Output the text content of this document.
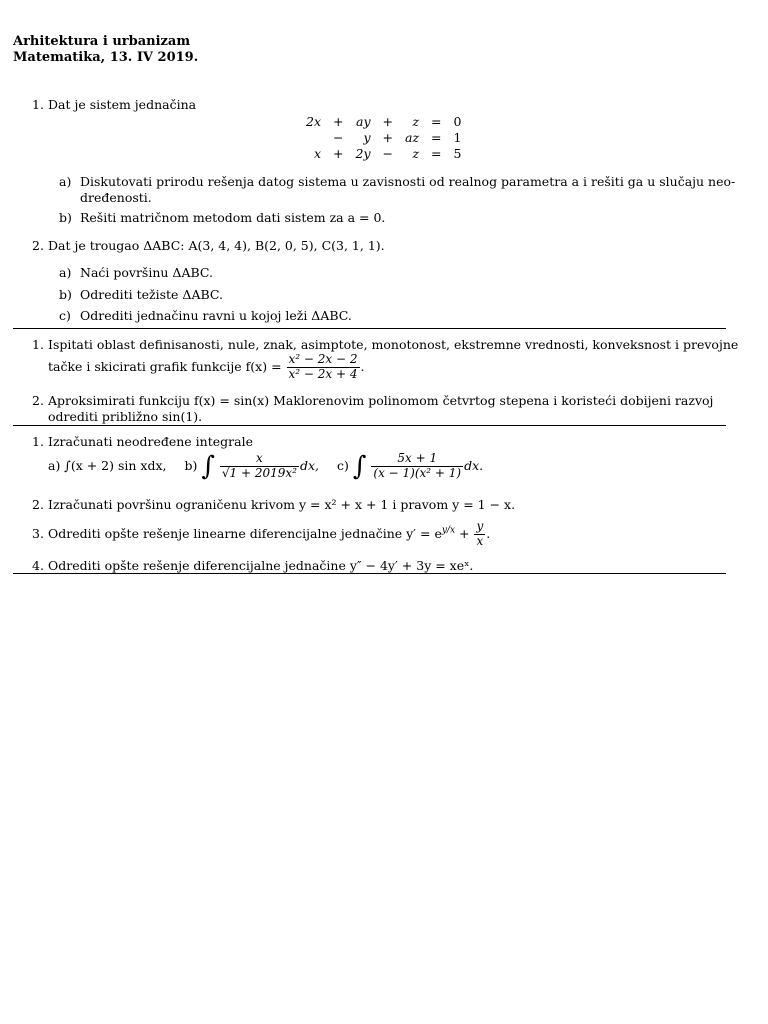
Arhitektura i urbanizam
Matematika, 13. IV 2019.
1. Dat je sistem jednačina
2x	+	ay	+	z	=	0
	−	y	+	az	=	1
x	+	2y	−	z	=	5
a) Diskutovati prirodu rešenja datog sistema u zavisnosti od realnog parametra a i rešiti ga u slučaju neo-
dređenosti.
b) Rešiti matričnom metodom dati sistem za a = 0.
2. Dat je trougao ΔABC: A(3, 4, 4), B(2, 0, 5), C(3, 1, 1).
a) Naći površinu ΔABC.
b) Odrediti težiste ΔABC.
c) Odrediti jednačinu ravni u kojoj leži ΔABC.
1. Ispitati oblast definisanosti, nule, znak, asimptote, monotonost, ekstremne vrednosti, konveksnost i prevojne
tačke i skicirati grafik funkcije $f(x) = \frac{\text{x² − 2x − 2}}{\text{x² − 2x + 4}}$ .
2. Aproksimirati funkciju f(x) = sin(x) Maklorenovim polinomom četvrtog stepena i koristeći dobijeni razvoj
odrediti približno sin(1).
1. Izračunati neodređene integrale
a) ∫(x + 2) sin xdx, b) ∫ $\frac{x}{\text{√1 + 2019x²}}$ dx, c) ∫ $\frac{5x + 1}{\text{(x − 1)(x² + 1)}}$ dx.
2. Izračunati površinu ograničenu krivom y = x² + x + 1 i pravom y = 1 − x.
3. Odrediti opšte rešenje linearne diferencijalne jednačine $y' = e^{y/x} + \frac{y}{x}$ .
4. Odrediti opšte rešenje diferencijalne jednačine y″ − 4y′ + 3y = xeˣ.
